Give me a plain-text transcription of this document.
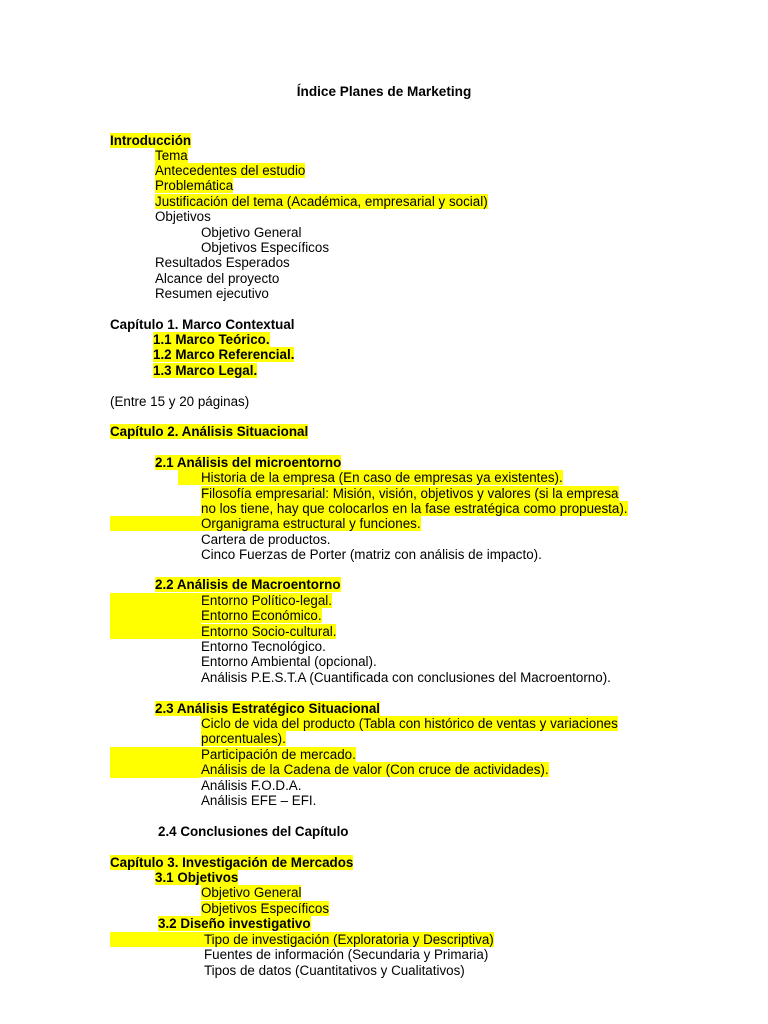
Índice Planes de Marketing
Introducción
Tema
Antecedentes del estudio
Problemática
Justificación del tema (Académica, empresarial y social)
Objetivos
Objetivo General
Objetivos Específicos
Resultados Esperados
Alcance del proyecto
Resumen ejecutivo
Capítulo 1. Marco Contextual
1.1 Marco Teórico.
1.2 Marco Referencial.
1.3 Marco Legal.
(Entre 15 y 20 páginas)
Capítulo 2. Análisis Situacional
2.1 Análisis del microentorno
Historia de la empresa (En caso de empresas ya existentes).
Filosofía empresarial: Misión, visión, objetivos y valores (si la empresa
no los tiene, hay que colocarlos en la fase estratégica como propuesta).
Organigrama estructural y funciones.
Cartera de productos.
Cinco Fuerzas de Porter (matriz con análisis de impacto).
2.2 Análisis de Macroentorno
Entorno Político-legal.
Entorno Económico.
Entorno Socio-cultural.
Entorno Tecnológico.
Entorno Ambiental (opcional).
Análisis P.E.S.T.A (Cuantificada con conclusiones del Macroentorno).
2.3 Análisis Estratégico Situacional
Ciclo de vida del producto (Tabla con histórico de ventas y variaciones
porcentuales).
Participación de mercado.
Análisis de la Cadena de valor (Con cruce de actividades).
Análisis F.O.D.A.
Análisis EFE – EFI.
2.4 Conclusiones del Capítulo
Capítulo 3. Investigación de Mercados
3.1 Objetivos
Objetivo General
Objetivos Específicos
3.2 Diseño investigativo
Tipo de investigación (Exploratoria y Descriptiva)
Fuentes de información (Secundaria y Primaria)
Tipos de datos (Cuantitativos y Cualitativos)
